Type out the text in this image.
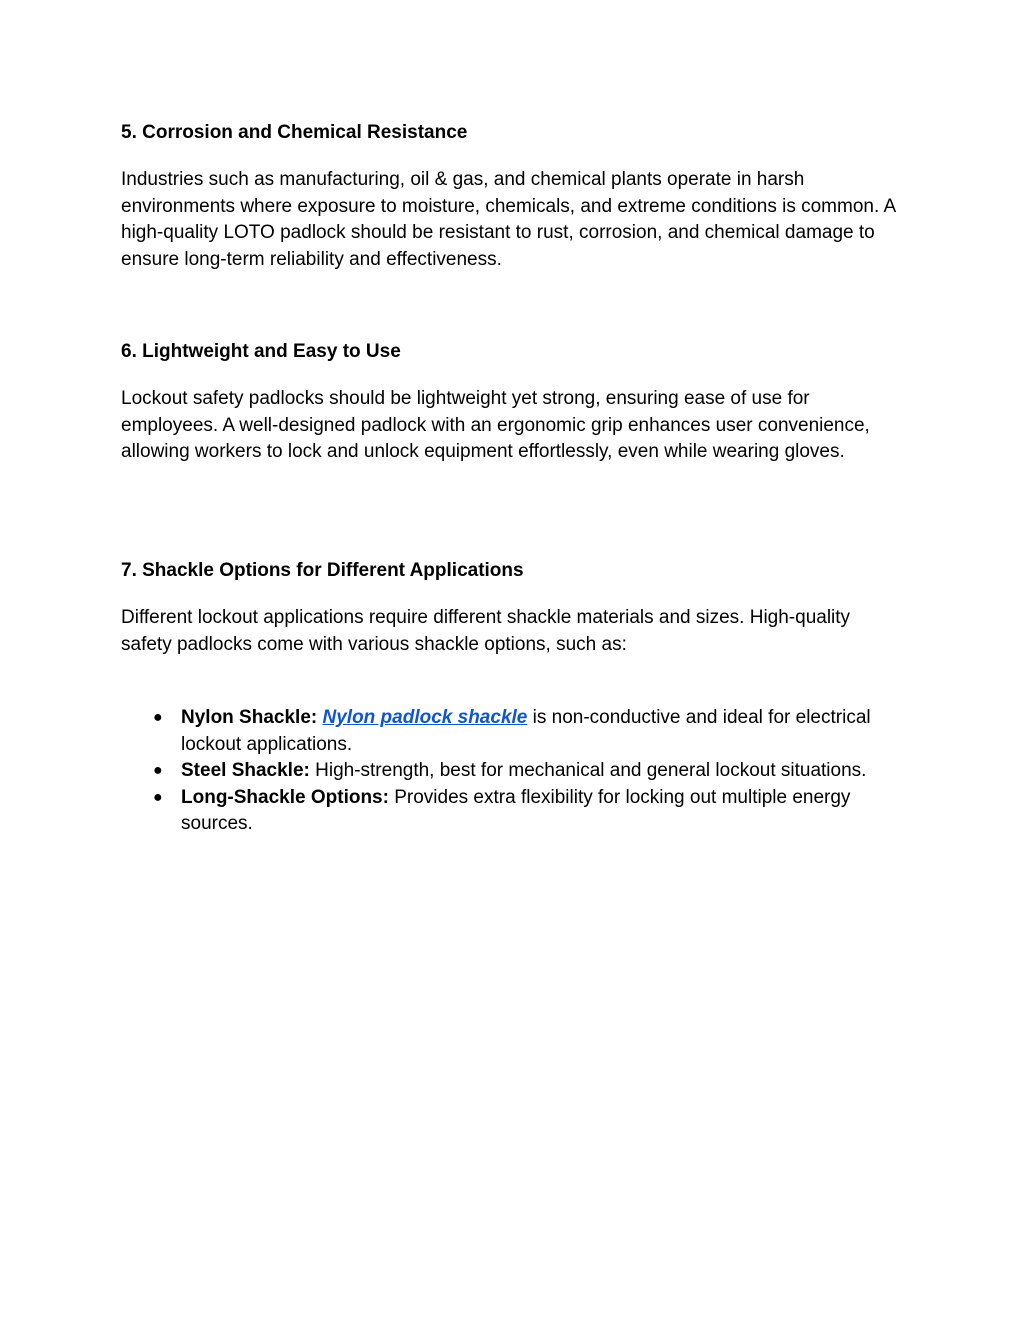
5. Corrosion and Chemical Resistance

Industries such as manufacturing, oil & gas, and chemical plants operate in harsh environments where exposure to moisture, chemicals, and extreme conditions is common. A high-quality LOTO padlock should be resistant to rust, corrosion, and chemical damage to ensure long-term reliability and effectiveness.

6. Lightweight and Easy to Use

Lockout safety padlocks should be lightweight yet strong, ensuring ease of use for employees. A well-designed padlock with an ergonomic grip enhances user convenience, allowing workers to lock and unlock equipment effortlessly, even while wearing gloves.

7. Shackle Options for Different Applications

Different lockout applications require different shackle materials and sizes. High-quality safety padlocks come with various shackle options, such as:

● Nylon Shackle: Nylon padlock shackle is non-conductive and ideal for electrical lockout applications.
● Steel Shackle: High-strength, best for mechanical and general lockout situations.
● Long-Shackle Options: Provides extra flexibility for locking out multiple energy sources.
